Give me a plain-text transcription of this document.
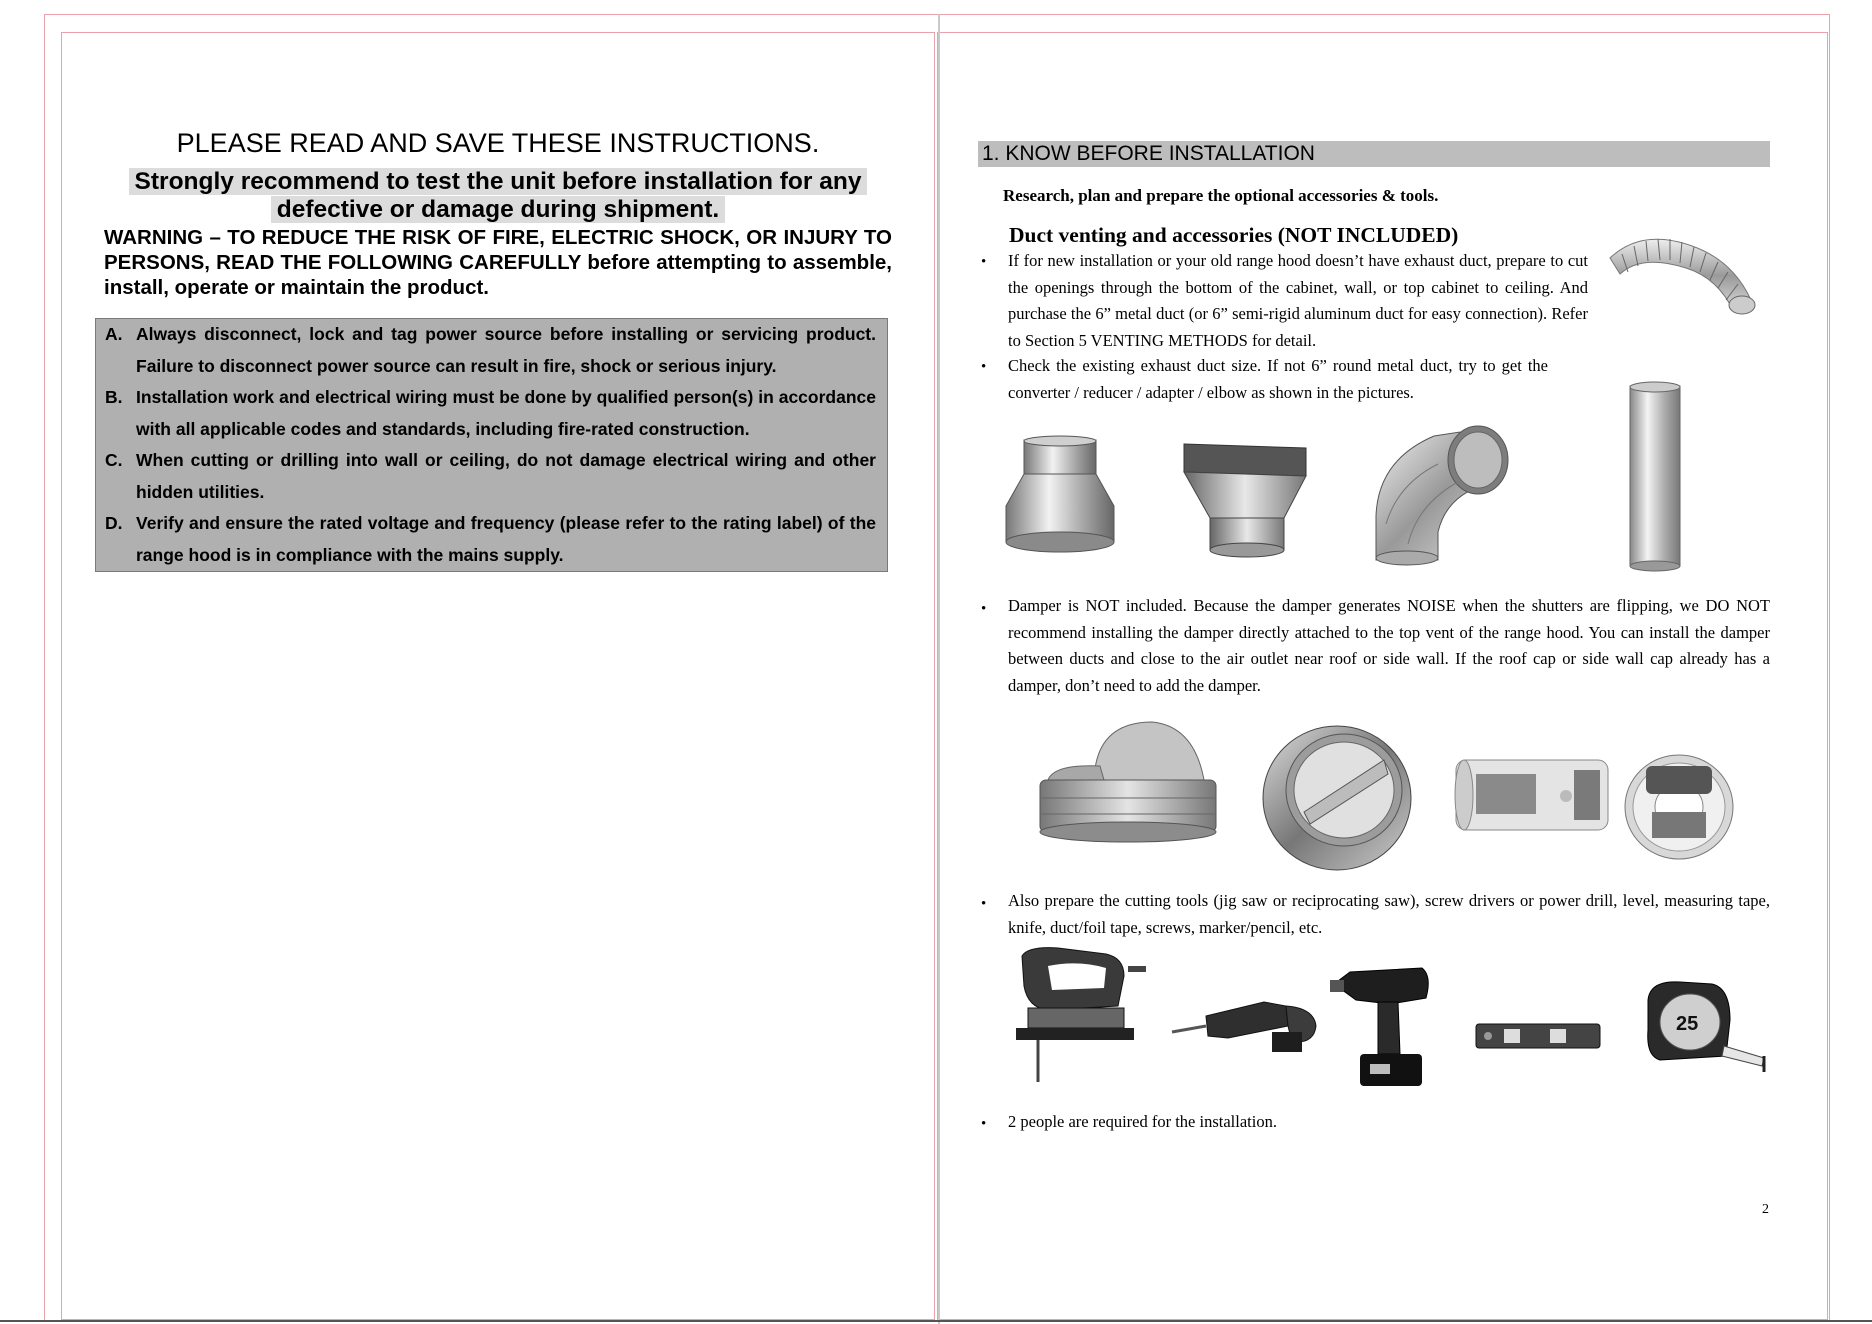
PLEASE READ AND SAVE THESE INSTRUCTIONS.
Strongly recommend to test the unit before installation for any
defective or damage during shipment.
WARNING – TO REDUCE THE RISK OF FIRE, ELECTRIC SHOCK, OR INJURY TO PERSONS, READ THE FOLLOWING CAREFULLY before attempting to assemble, install, operate or maintain the product.
A. Always disconnect, lock and tag power source before installing or servicing product. Failure to disconnect power source can result in fire, shock or serious injury.
B. Installation work and electrical wiring must be done by qualified person(s) in accordance with all applicable codes and standards, including fire-rated construction.
C. When cutting or drilling into wall or ceiling, do not damage electrical wiring and other hidden utilities.
D. Verify and ensure the rated voltage and frequency (please refer to the rating label) of the range hood is in compliance with the mains supply.
1. KNOW BEFORE INSTALLATION
Research, plan and prepare the optional accessories & tools.
Duct venting and accessories (NOT INCLUDED)
• If for new installation or your old range hood doesn’t have exhaust duct, prepare to cut the openings through the bottom of the cabinet, wall, or top cabinet to ceiling. And purchase the 6” metal duct (or 6” semi-rigid aluminum duct for easy connection). Refer to Section 5 VENTING METHODS for detail.
• Check the existing exhaust duct size. If not 6” round metal duct, try to get the converter / reducer / adapter / elbow as shown in the pictures.
• Damper is NOT included. Because the damper generates NOISE when the shutters are flipping, we DO NOT recommend installing the damper directly attached to the top vent of the range hood. You can install the damper between ducts and close to the air outlet near roof or side wall. If the roof cap or side wall cap already has a damper, don’t need to add the damper.
• Also prepare the cutting tools (jig saw or reciprocating saw), screw drivers or power drill, level, measuring tape, knife, duct/foil tape, screws, marker/pencil, etc.
• 2 people are required for the installation.
2
25
